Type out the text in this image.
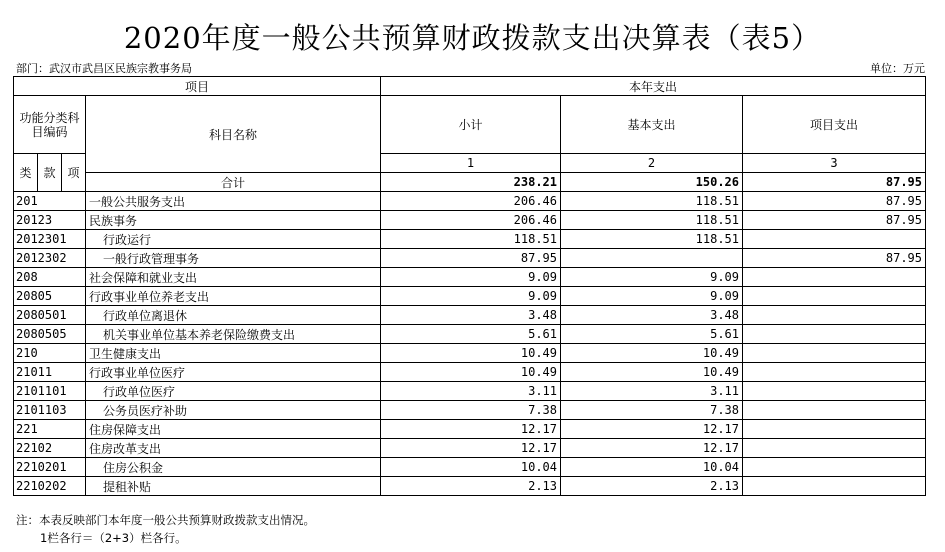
2020年度一般公共预算财政拨款支出决算表（表5）
部门：武汉市武昌区民族宗教事务局	单位：万元
项目				本年支出		
功能分类科目编码			科目名称	小计	基本支出	项目支出
类	款	项		1	2	3
			合计	238.21	150.26	87.95
201			一般公共服务支出	206.46	118.51	87.95
20123			民族事务	206.46	118.51	87.95
2012301			行政运行	118.51	118.51	
2012302			一般行政管理事务	87.95		87.95
208			社会保障和就业支出	9.09	9.09	
20805			行政事业单位养老支出	9.09	9.09	
2080501			行政单位离退休	3.48	3.48	
2080505			机关事业单位基本养老保险缴费支出	5.61	5.61	
210			卫生健康支出	10.49	10.49	
21011			行政事业单位医疗	10.49	10.49	
2101101			行政单位医疗	3.11	3.11	
2101103			公务员医疗补助	7.38	7.38	
221			住房保障支出	12.17	12.17	
22102			住房改革支出	12.17	12.17	
2210201			住房公积金	10.04	10.04	
2210202			提租补贴	2.13	2.13	
注：本表反映部门本年度一般公共预算财政拨款支出情况。
1栏各行＝（2+3）栏各行。
